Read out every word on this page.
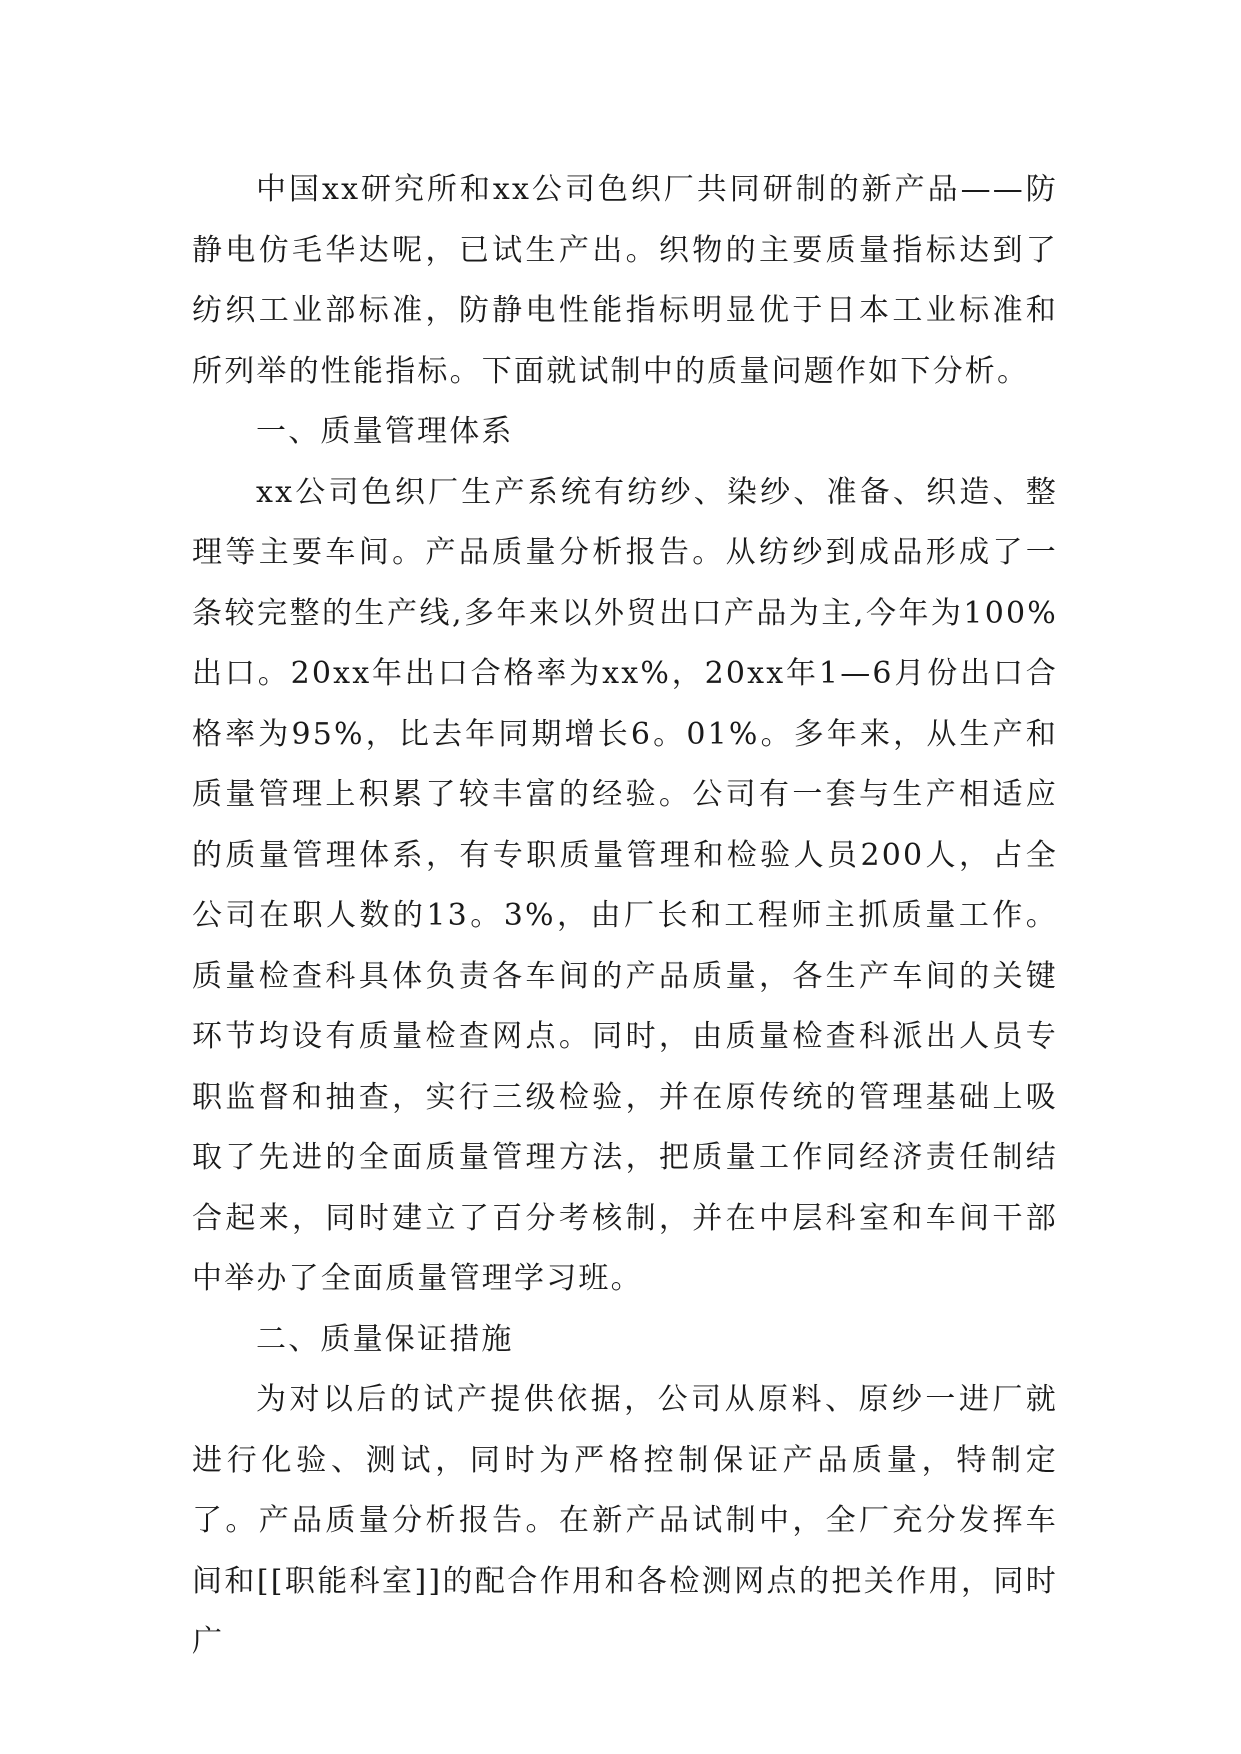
中国xx研究所和xx公司色织厂共同研制的新产品——防静电仿毛华达呢，已试生产出。织物的主要质量指标达到了纺织工业部标准，防静电性能指标明显优于日本工业标准和所列举的性能指标。下面就试制中的质量问题作如下分析。

一、质量管理体系

xx公司色织厂生产系统有纺纱、染纱、准备、织造、整理等主要车间。产品质量分析报告。从纺纱到成品形成了一条较完整的生产线,多年来以外贸出口产品为主,今年为100%出口。20xx年出口合格率为xx%，20xx年1—6月份出口合格率为95%，比去年同期增长6。01%。多年来，从生产和质量管理上积累了较丰富的经验。公司有一套与生产相适应的质量管理体系，有专职质量管理和检验人员200人，占全公司在职人数的13。3%，由厂长和工程师主抓质量工作。质量检查科具体负责各车间的产品质量，各生产车间的关键环节均设有质量检查网点。同时，由质量检查科派出人员专职监督和抽查，实行三级检验，并在原传统的管理基础上吸取了先进的全面质量管理方法，把质量工作同经济责任制结合起来，同时建立了百分考核制，并在中层科室和车间干部中举办了全面质量管理学习班。

二、质量保证措施

为对以后的试产提供依据，公司从原料、原纱一进厂就进行化验、测试，同时为严格控制保证产品质量，特制定了。产品质量分析报告。在新产品试制中，全厂充分发挥车间和[[职能科室]]的配合作用和各检测网点的把关作用，同时广
